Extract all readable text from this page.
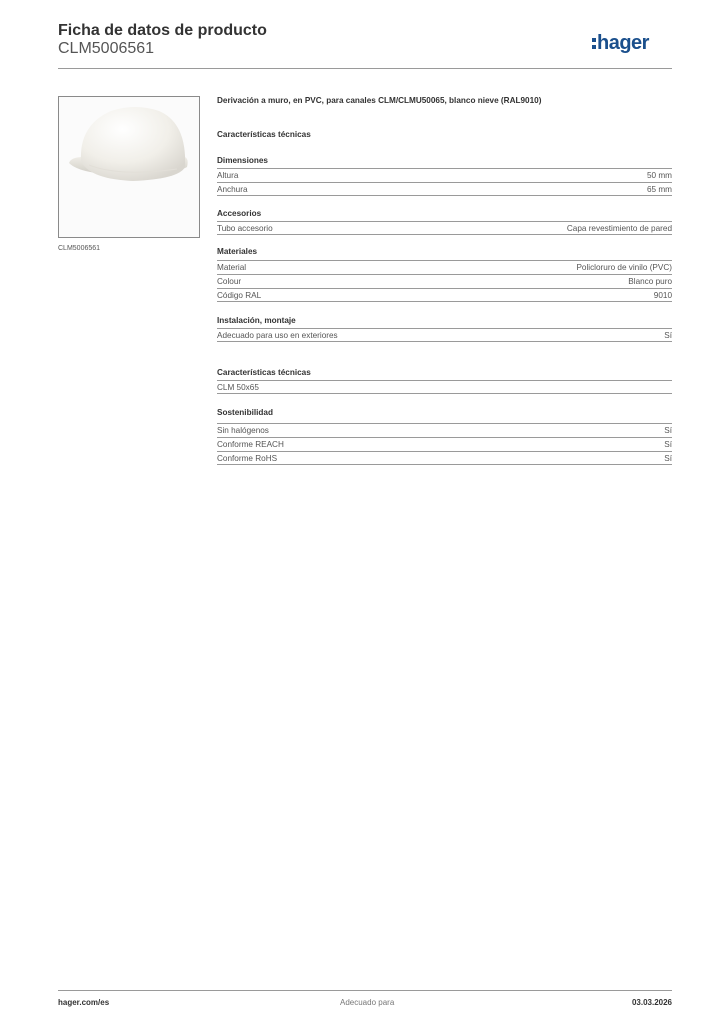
Ficha de datos de producto
CLM5006561	hager
CLM5006561
Derivación a muro, en PVC, para canales CLM/CLMU50065, blanco nieve (RAL9010)
Características técnicas
Dimensiones
Altura	50 mm
Anchura	65 mm
Accesorios
Tubo accesorio	Capa revestimiento de pared
Materiales
Material	Policloruro de vinilo (PVC)
Colour	Blanco puro
Código RAL	9010
Instalación, montaje
Adecuado para uso en exteriores	Sí
Características técnicas
CLM 50x65
Sostenibilidad
Sin halógenos	Sí
Conforme REACH	Sí
Conforme RoHS	Sí
hager.com/es	Adecuado para	03.03.2026
